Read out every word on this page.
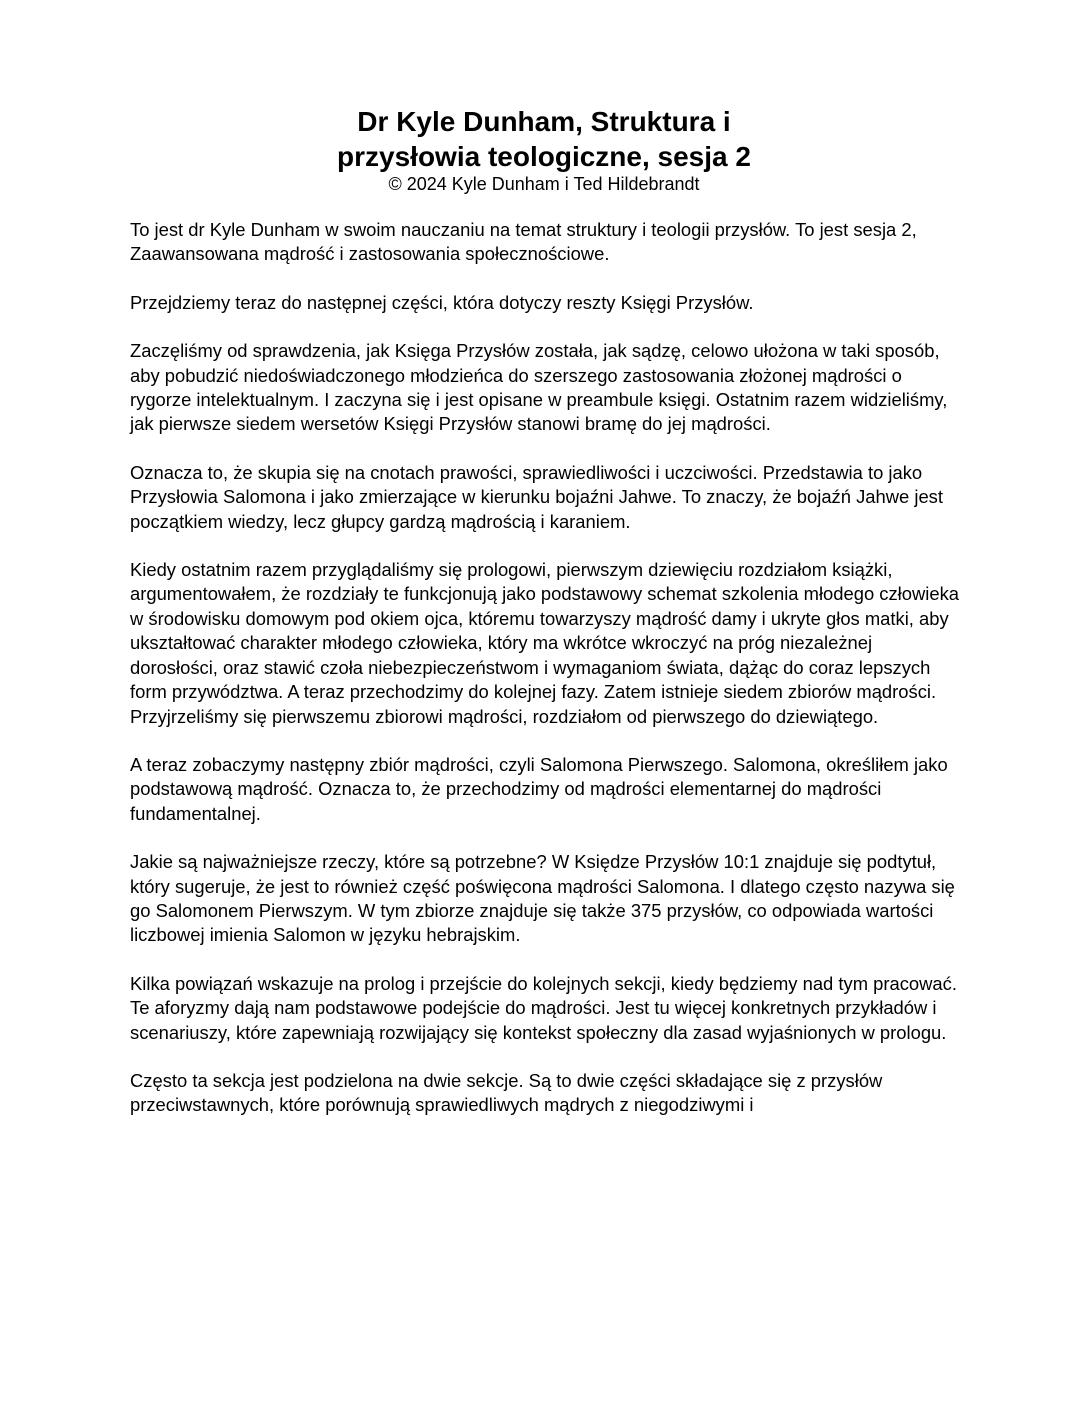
Dr Kyle Dunham, Struktura i
przysłowia teologiczne, sesja 2
© 2024 Kyle Dunham i Ted Hildebrandt

To jest dr Kyle Dunham w swoim nauczaniu na temat struktury i teologii przysłów. To jest sesja 2, Zaawansowana mądrość i zastosowania społecznościowe.

Przejdziemy teraz do następnej części, która dotyczy reszty Księgi Przysłów.

Zaczęliśmy od sprawdzenia, jak Księga Przysłów została, jak sądzę, celowo ułożona w taki sposób, aby pobudzić niedoświadczonego młodzieńca do szerszego zastosowania złożonej mądrości o rygorze intelektualnym. I zaczyna się i jest opisane w preambule księgi. Ostatnim razem widzieliśmy, jak pierwsze siedem wersetów Księgi Przysłów stanowi bramę do jej mądrości.

Oznacza to, że skupia się na cnotach prawości, sprawiedliwości i uczciwości. Przedstawia to jako Przysłowia Salomona i jako zmierzające w kierunku bojaźni Jahwe. To znaczy, że bojaźń Jahwe jest początkiem wiedzy, lecz głupcy gardzą mądrością i karaniem.

Kiedy ostatnim razem przyglądaliśmy się prologowi, pierwszym dziewięciu rozdziałom książki, argumentowałem, że rozdziały te funkcjonują jako podstawowy schemat szkolenia młodego człowieka w środowisku domowym pod okiem ojca, któremu towarzyszy mądrość damy i ukryte głos matki, aby ukształtować charakter młodego człowieka, który ma wkrótce wkroczyć na próg niezależnej dorosłości, oraz stawić czoła niebezpieczeństwom i wymaganiom świata, dążąc do coraz lepszych form przywództwa. A teraz przechodzimy do kolejnej fazy. Zatem istnieje siedem zbiorów mądrości. Przyjrzeliśmy się pierwszemu zbiorowi mądrości, rozdziałom od pierwszego do dziewiątego.

A teraz zobaczymy następny zbiór mądrości, czyli Salomona Pierwszego. Salomona, określiłem jako podstawową mądrość. Oznacza to, że przechodzimy od mądrości elementarnej do mądrości fundamentalnej.

Jakie są najważniejsze rzeczy, które są potrzebne? W Księdze Przysłów 10:1 znajduje się podtytuł, który sugeruje, że jest to również część poświęcona mądrości Salomona. I dlatego często nazywa się go Salomonem Pierwszym. W tym zbiorze znajduje się także 375 przysłów, co odpowiada wartości liczbowej imienia Salomon w języku hebrajskim.

Kilka powiązań wskazuje na prolog i przejście do kolejnych sekcji, kiedy będziemy nad tym pracować. Te aforyzmy dają nam podstawowe podejście do mądrości. Jest tu więcej konkretnych przykładów i scenariuszy, które zapewniają rozwijający się kontekst społeczny dla zasad wyjaśnionych w prologu.

Często ta sekcja jest podzielona na dwie sekcje. Są to dwie części składające się z przysłów przeciwstawnych, które porównują sprawiedliwych mądrych z niegodziwymi i
